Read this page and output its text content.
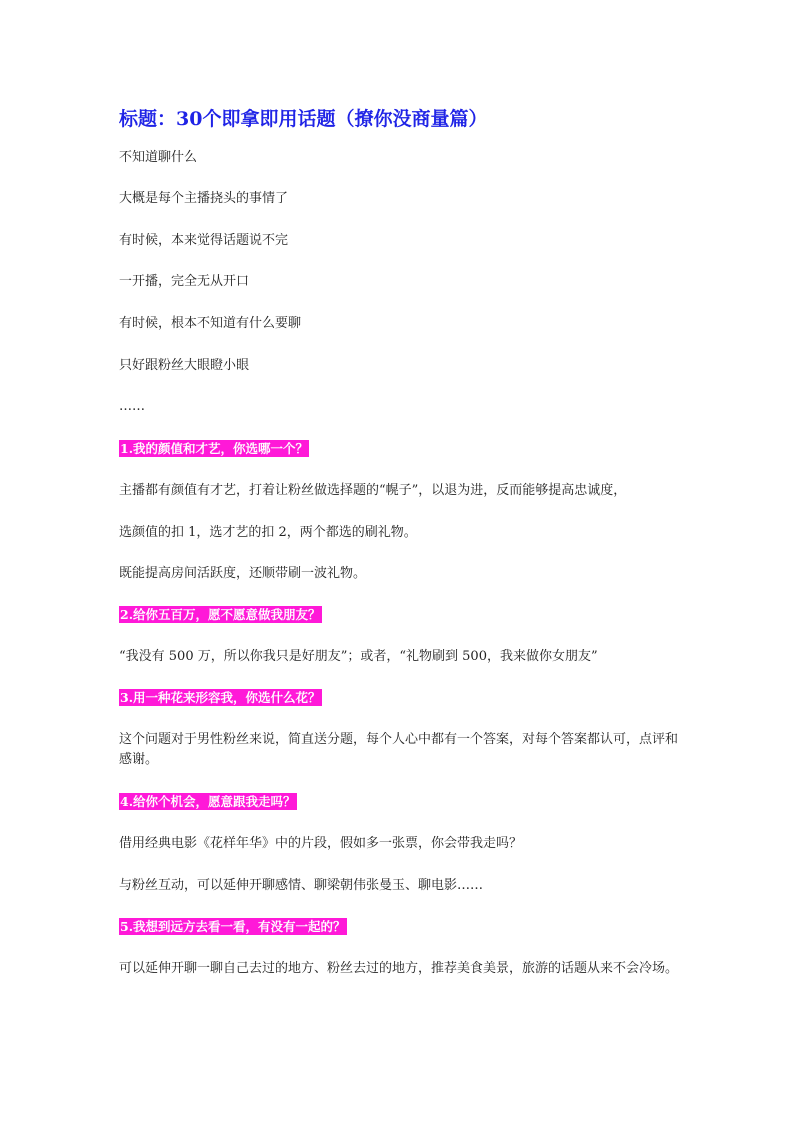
标题：30个即拿即用话题（撩你没商量篇）
不知道聊什么
大概是每个主播挠头的事情了
有时候，本来觉得话题说不完
一开播，完全无从开口
有时候，根本不知道有什么要聊
只好跟粉丝大眼瞪小眼
……
1.我的颜值和才艺，你选哪一个？
主播都有颜值有才艺，打着让粉丝做选择题的“幌子”，以退为进，反而能够提高忠诚度，
选颜值的扣 1，选才艺的扣 2，两个都选的刷礼物。
既能提高房间活跃度，还顺带刷一波礼物。
2.给你五百万，愿不愿意做我朋友？
“我没有 500 万，所以你我只是好朋友”；或者，“礼物刷到 500，我来做你女朋友”
3.用一种花来形容我，你选什么花？
这个问题对于男性粉丝来说，简直送分题，每个人心中都有一个答案，对每个答案都认可，点评和感谢。
4.给你个机会，愿意跟我走吗？
借用经典电影《花样年华》中的片段，假如多一张票，你会带我走吗？
与粉丝互动，可以延伸开聊感情、聊梁朝伟张曼玉、聊电影……
5.我想到远方去看一看，有没有一起的？
可以延伸开聊一聊自己去过的地方、粉丝去过的地方，推荐美食美景，旅游的话题从来不会冷场。
